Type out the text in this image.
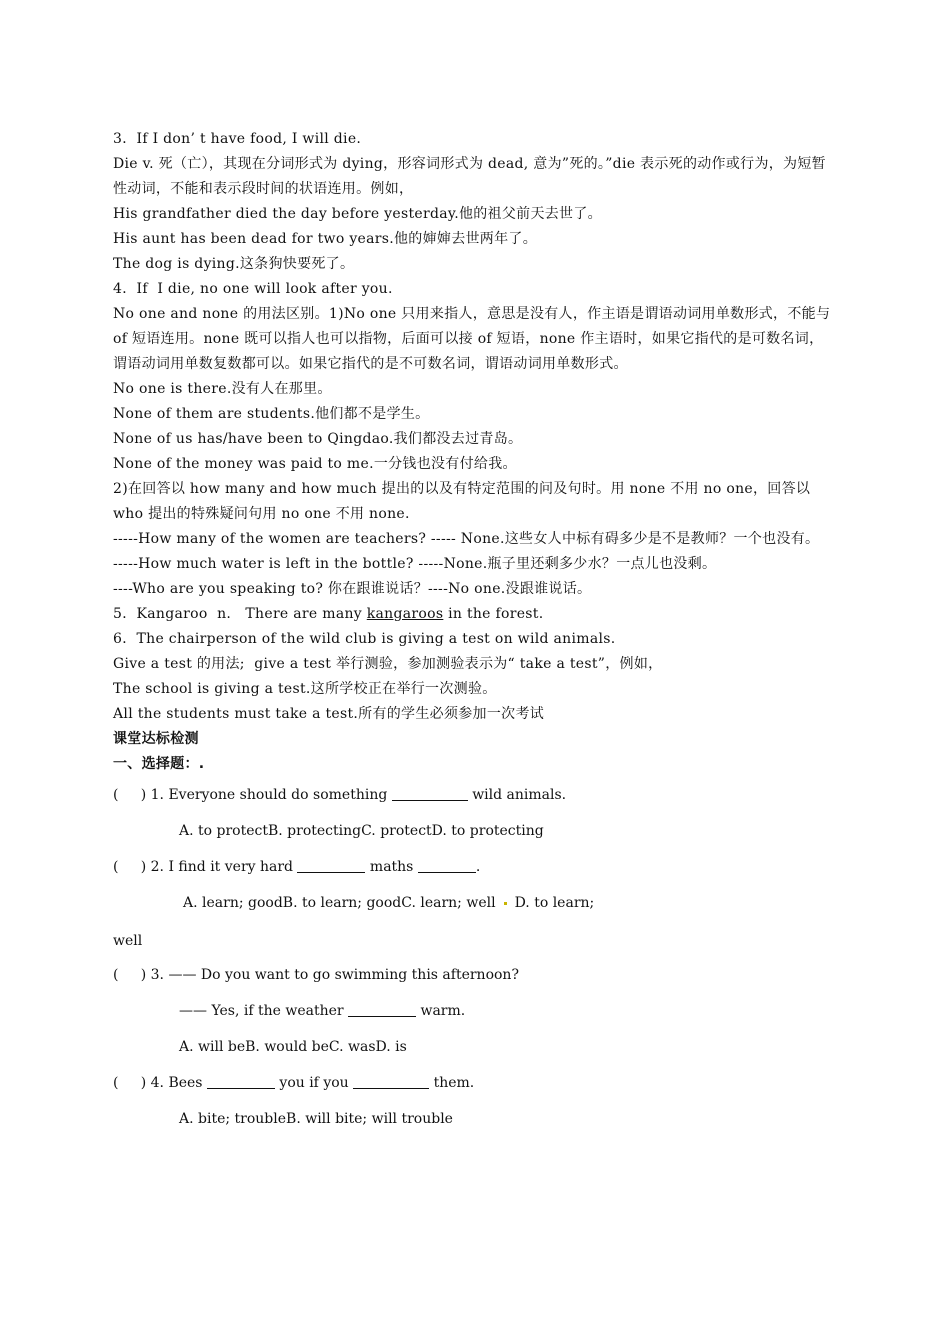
3．If I don’ t have food, I will die.
Die v. 死（亡），其现在分词形式为 dying，形容词形式为 dead, 意为”死的。”die 表示死的动作或行为，为短暂性动词，不能和表示段时间的状语连用。例如，
His grandfather died the day before yesterday.他的祖父前天去世了。
His aunt has been dead for two years.他的婶婶去世两年了。
The dog is dying.这条狗快要死了。
4．If  I die, no one will look after you.
No one and none 的用法区别。1)No one 只用来指人，意思是没有人，作主语是谓语动词用单数形式，不能与 of 短语连用。none 既可以指人也可以指物，后面可以接 of 短语，none 作主语时，如果它指代的是可数名词，谓语动词用单数复数都可以。如果它指代的是不可数名词，谓语动词用单数形式。
No one is there.没有人在那里。
None of them are students.他们都不是学生。
None of us has/have been to Qingdao.我们都没去过青岛。
None of the money was paid to me.一分钱也没有付给我。
2)在回答以 how many and how much 提出的以及有特定范围的问及句时。用 none 不用 no one，回答以 who 提出的特殊疑问句用 no one 不用 none.
-----How many of the women are teachers? ----- None.这些女人中标有碍多少是不是教师？一个也没有。
-----How much water is left in the bottle? -----None.瓶子里还剩多少水？一点儿也没剩。
----Who are you speaking to? 你在跟谁说话？----No one.没跟谁说话。
5．Kangaroo  n.   There are many kangaroos in the forest.
6．The chairperson of the wild club is giving a test on wild animals.
Give a test 的用法;  give a test 举行测验，参加测验表示为“ take a test”，例如，
The school is giving a test.这所学校正在举行一次测验。
All the students must take a test.所有的学生必须参加一次考试
课堂达标检测
一、选择题：.
(     ) 1. Everyone should do something	wild animals.
A. to protectB. protectingC. protectD. to protecting
(     ) 2. I find it very hard	maths	.
A. learn; goodB. to learn; goodC. learn; well D. to learn;
well
(     ) 3. —— Do you want to go swimming this afternoon?
—— Yes, if the weather	warm.
A. will beB. would beC. wasD. is
(     ) 4. Bees	you if you	them.
A. bite; troubleB. will bite; will trouble
